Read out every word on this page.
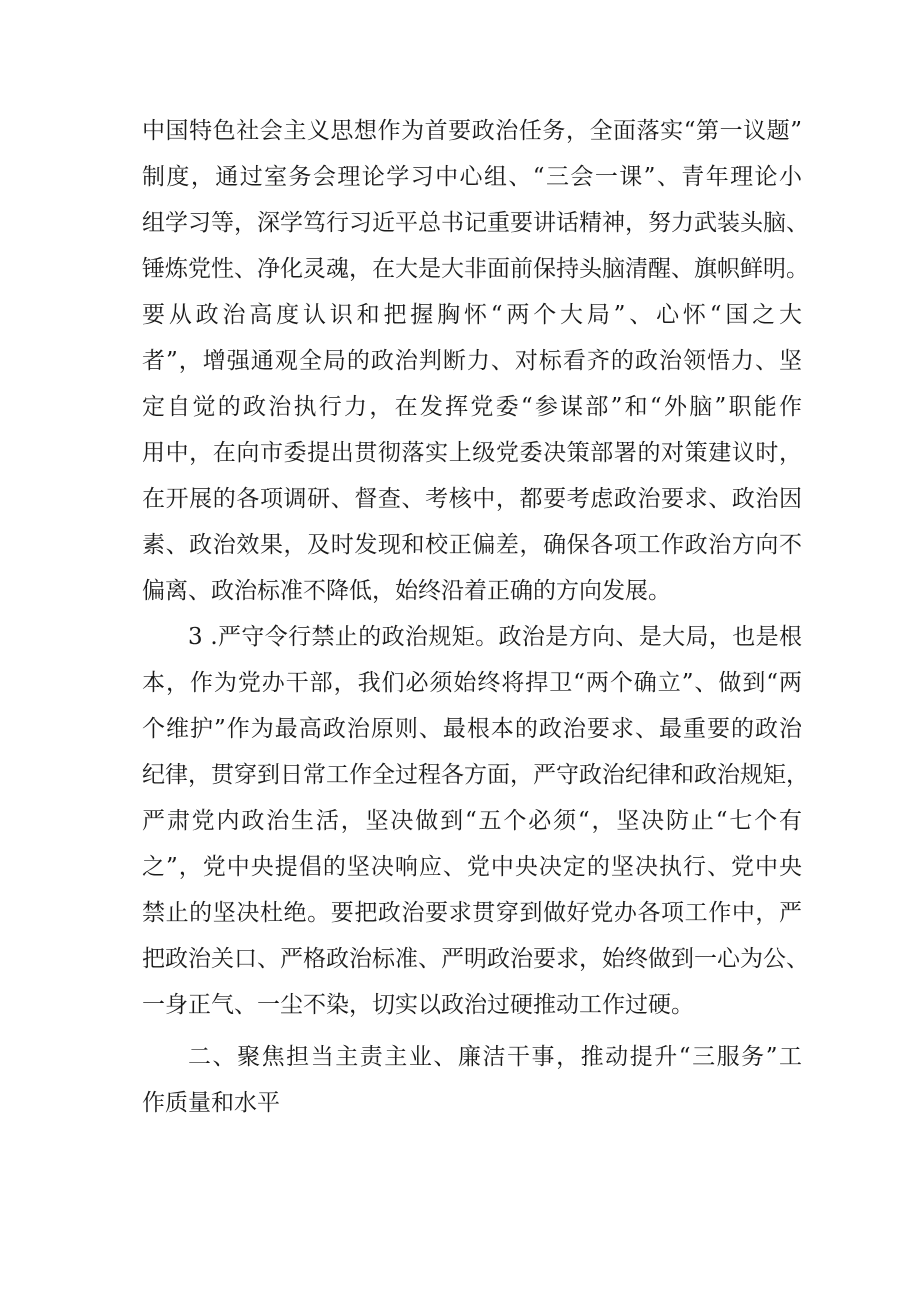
中国特色社会主义思想作为首要政治任务，全面落实“第一议题”
制度，通过室务会理论学习中心组、“三会一课”、青年理论小
组学习等，深学笃行习近平总书记重要讲话精神，努力武装头脑、
锤炼党性、净化灵魂，在大是大非面前保持头脑清醒、旗帜鲜明。
要从政治高度认识和把握胸怀“两个大局”、心怀“国之大
者”，增强通观全局的政治判断力、对标看齐的政治领悟力、坚
定自觉的政治执行力，在发挥党委“参谋部”和“外脑”职能作
用中，在向市委提出贯彻落实上级党委决策部署的对策建议时，
在开展的各项调研、督查、考核中，都要考虑政治要求、政治因
素、政治效果，及时发现和校正偏差，确保各项工作政治方向不
偏离、政治标准不降低，始终沿着正确的方向发展。
3 .严守令行禁止的政治规矩。政治是方向、是大局，也是根
本，作为党办干部，我们必须始终将捍卫“两个确立”、做到“两
个维护”作为最高政治原则、最根本的政治要求、最重要的政治
纪律，贯穿到日常工作全过程各方面，严守政治纪律和政治规矩，
严肃党内政治生活，坚决做到“五个必须“，坚决防止“七个有
之”，党中央提倡的坚决响应、党中央决定的坚决执行、党中央
禁止的坚决杜绝。要把政治要求贯穿到做好党办各项工作中，严
把政治关口、严格政治标准、严明政治要求，始终做到一心为公、
一身正气、一尘不染，切实以政治过硬推动工作过硬。
二、聚焦担当主责主业、廉洁干事，推动提升“三服务”工
作质量和水平
